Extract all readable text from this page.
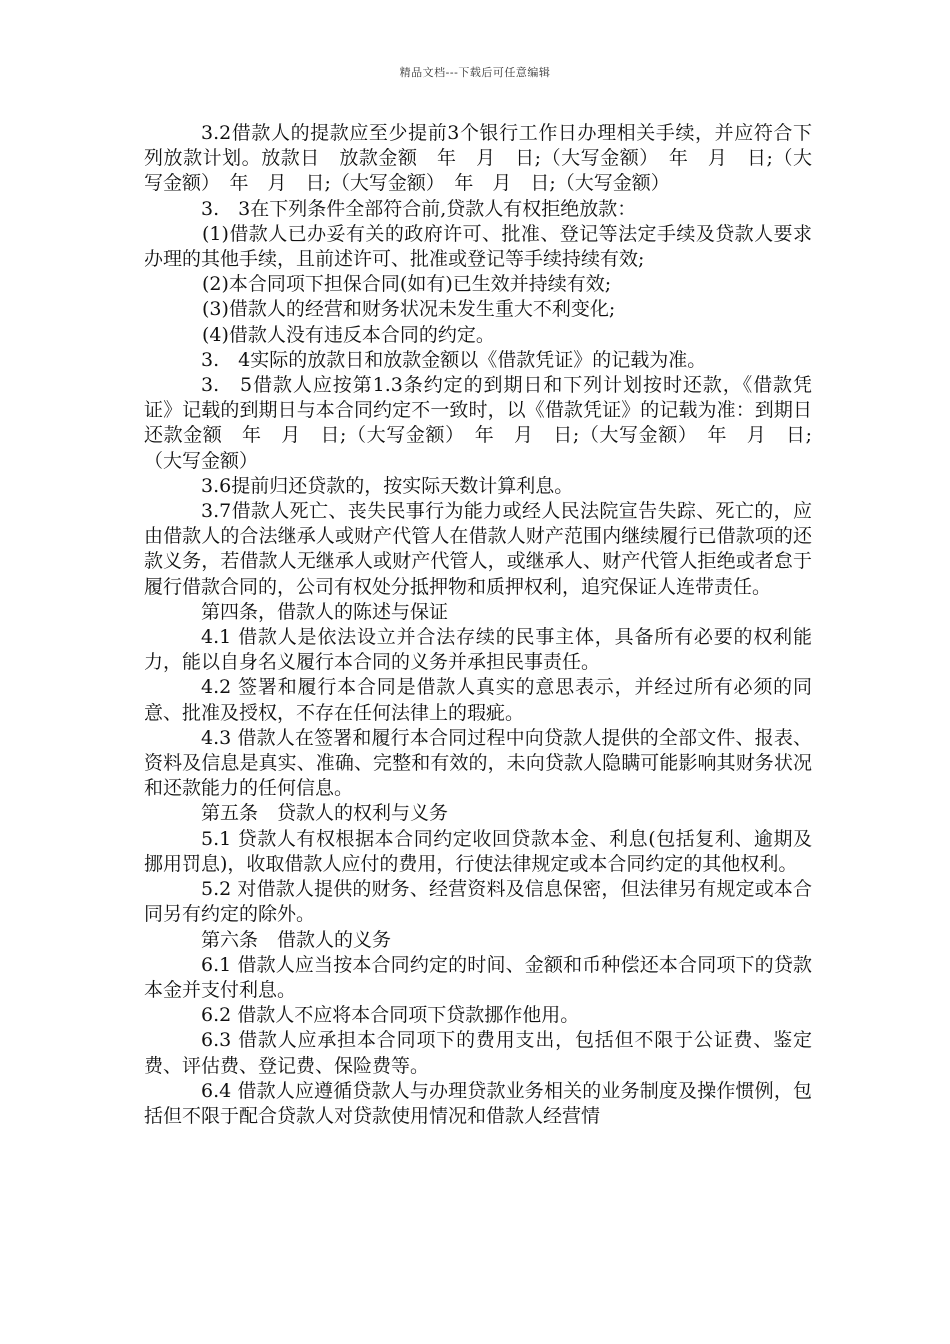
精品文档---下载后可任意编辑

3.2借款人的提款应至少提前3个银行工作日办理相关手续，并应符合下列放款计划。放款日　放款金额　年　月　日;（大写金额）　年　月　日;（大写金额）　年　月　日;（大写金额）　年　月　日;（大写金额）

3.　3在下列条件全部符合前,贷款人有权拒绝放款：

(1)借款人已办妥有关的政府许可、批准、登记等法定手续及贷款人要求办理的其他手续，且前述许可、批准或登记等手续持续有效;

(2)本合同项下担保合同(如有)已生效并持续有效;

(3)借款人的经营和财务状况未发生重大不利变化;

(4)借款人没有违反本合同的约定。

3.　4实际的放款日和放款金额以《借款凭证》的记载为准。

3.　5借款人应按第1.3条约定的到期日和下列计划按时还款，《借款凭证》记载的到期日与本合同约定不一致时，以《借款凭证》的记载为准：到期日　还款金额　年　月　日;（大写金额）　年　月　日;（大写金额）　年　月　日;（大写金额）

3.6提前归还贷款的，按实际天数计算利息。

3.7借款人死亡、丧失民事行为能力或经人民法院宣告失踪、死亡的，应由借款人的合法继承人或财产代管人在借款人财产范围内继续履行已借款项的还款义务，若借款人无继承人或财产代管人，或继承人、财产代管人拒绝或者怠于履行借款合同的，公司有权处分抵押物和质押权利，追究保证人连带责任。

第四条，借款人的陈述与保证

4.1 借款人是依法设立并合法存续的民事主体，具备所有必要的权利能力，能以自身名义履行本合同的义务并承担民事责任。

4.2 签署和履行本合同是借款人真实的意思表示，并经过所有必须的同意、批准及授权，不存在任何法律上的瑕疵。

4.3 借款人在签署和履行本合同过程中向贷款人提供的全部文件、报表、资料及信息是真实、准确、完整和有效的，未向贷款人隐瞒可能影响其财务状况和还款能力的任何信息。

第五条　贷款人的权利与义务

5.1 贷款人有权根据本合同约定收回贷款本金、利息(包括复利、逾期及挪用罚息)，收取借款人应付的费用，行使法律规定或本合同约定的其他权利。

5.2 对借款人提供的财务、经营资料及信息保密，但法律另有规定或本合同另有约定的除外。

第六条　借款人的义务

6.1 借款人应当按本合同约定的时间、金额和币种偿还本合同项下的贷款本金并支付利息。

6.2 借款人不应将本合同项下贷款挪作他用。

6.3 借款人应承担本合同项下的费用支出，包括但不限于公证费、鉴定费、评估费、登记费、保险费等。

6.4 借款人应遵循贷款人与办理贷款业务相关的业务制度及操作惯例，包括但不限于配合贷款人对贷款使用情况和借款人经营情
